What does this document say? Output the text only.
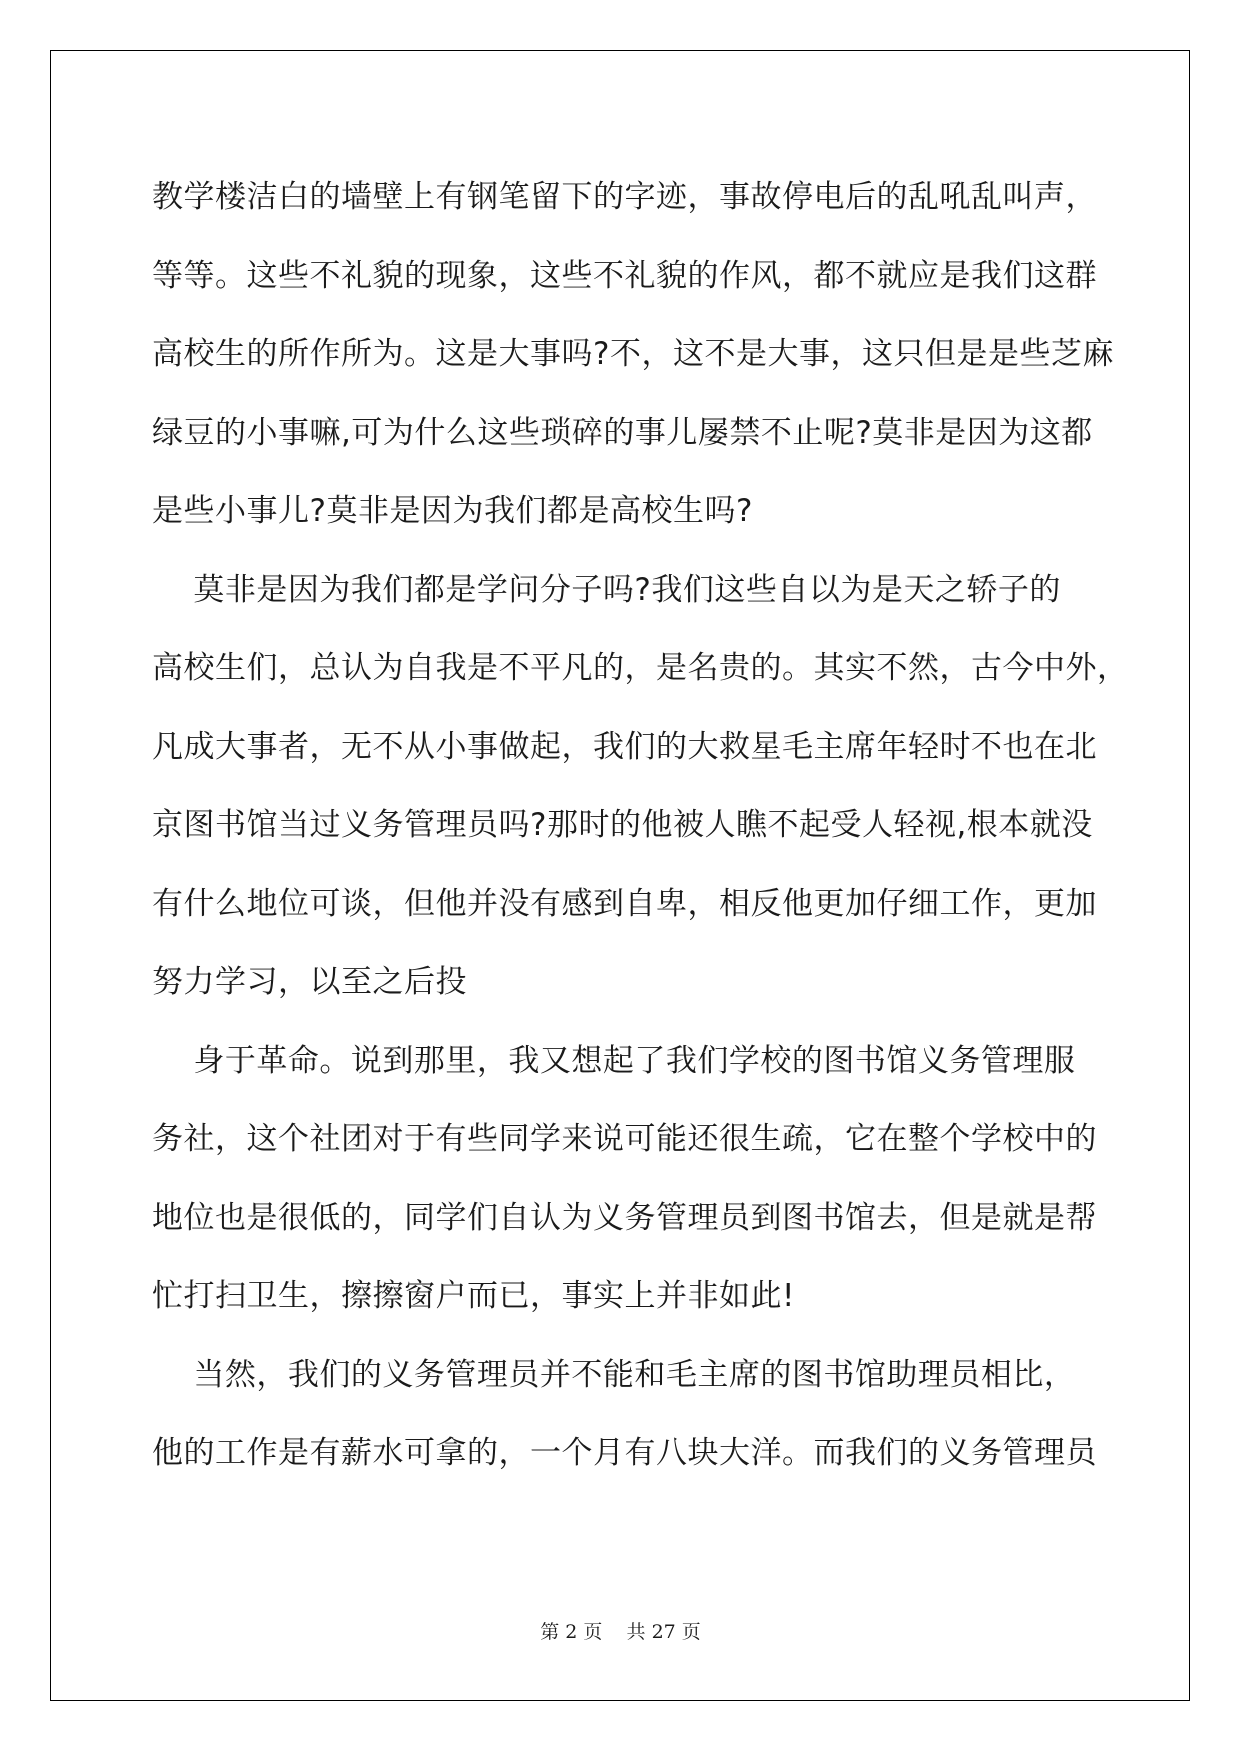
教学楼洁白的墙壁上有钢笔留下的字迹，事故停电后的乱吼乱叫声，
等等。这些不礼貌的现象，这些不礼貌的作风，都不就应是我们这群
高校生的所作所为。这是大事吗?不，这不是大事，这只但是是些芝麻
绿豆的小事嘛,可为什么这些琐碎的事儿屡禁不止呢?莫非是因为这都
是些小事儿?莫非是因为我们都是高校生吗?
莫非是因为我们都是学问分子吗?我们这些自以为是天之轿子的
高校生们，总认为自我是不平凡的，是名贵的。其实不然，古今中外，
凡成大事者，无不从小事做起，我们的大救星毛主席年轻时不也在北
京图书馆当过义务管理员吗?那时的他被人瞧不起受人轻视,根本就没
有什么地位可谈，但他并没有感到自卑，相反他更加仔细工作，更加
努力学习，以至之后投
身于革命。说到那里，我又想起了我们学校的图书馆义务管理服
务社，这个社团对于有些同学来说可能还很生疏，它在整个学校中的
地位也是很低的，同学们自认为义务管理员到图书馆去，但是就是帮
忙打扫卫生，擦擦窗户而已，事实上并非如此!
当然，我们的义务管理员并不能和毛主席的图书馆助理员相比，
他的工作是有薪水可拿的，一个月有八块大洋。而我们的义务管理员
第 2 页    共 27 页
